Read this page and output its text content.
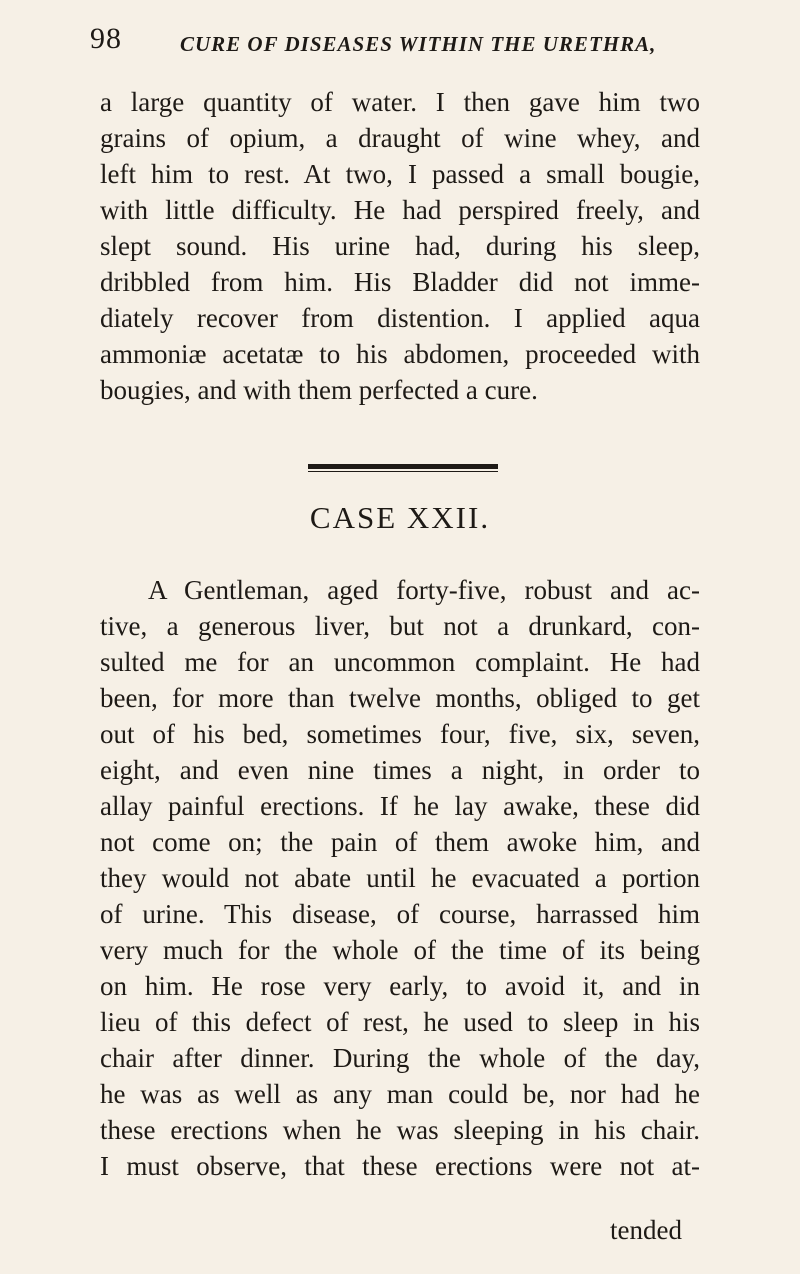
98	CURE OF DISEASES WITHIN THE URETHRA,
a large quantity of water. I then gave him two
grains of opium, a draught of wine whey, and
left him to rest. At two, I passed a small bougie,
with little difficulty. He had perspired freely, and
slept sound. His urine had, during his sleep,
dribbled from him. His Bladder did not imme-
diately recover from distention. I applied aqua
ammoniæ acetatæ to his abdomen, proceeded with
bougies, and with them perfected a cure.
CASE XXII.
A Gentleman, aged forty-five, robust and ac-
tive, a generous liver, but not a drunkard, con-
sulted me for an uncommon complaint. He had
been, for more than twelve months, obliged to get
out of his bed, sometimes four, five, six, seven,
eight, and even nine times a night, in order to
allay painful erections. If he lay awake, these did
not come on; the pain of them awoke him, and
they would not abate until he evacuated a portion
of urine. This disease, of course, harrassed him
very much for the whole of the time of its being
on him. He rose very early, to avoid it, and in
lieu of this defect of rest, he used to sleep in his
chair after dinner. During the whole of the day,
he was as well as any man could be, nor had he
these erections when he was sleeping in his chair.
I must observe, that these erections were not at-
tended
